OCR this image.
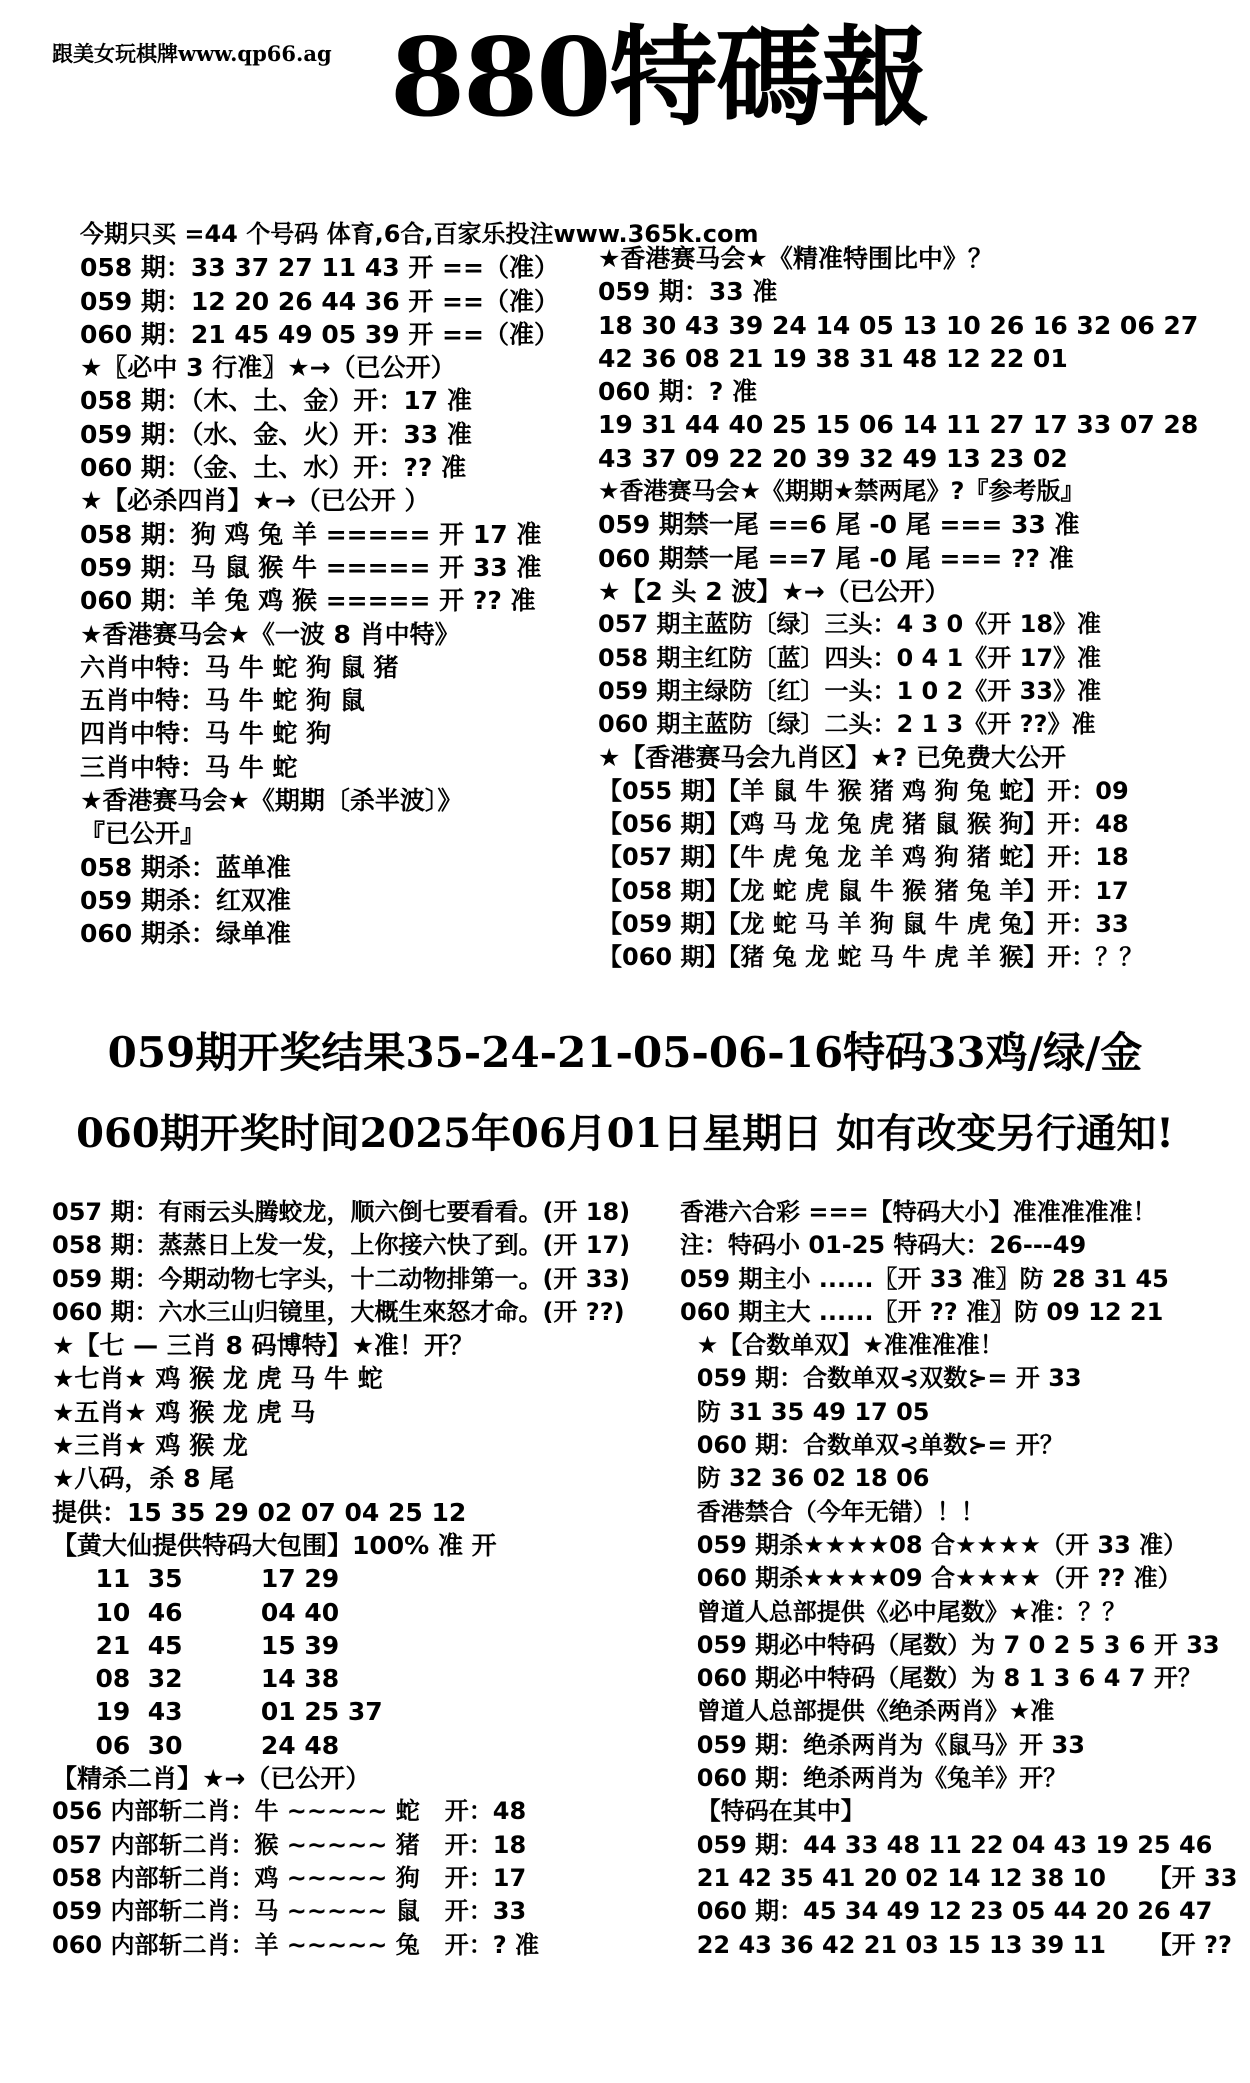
跟美女玩棋牌www.qp66.ag 880特碼報
今期只买 =44 个号码 体育,6合,百家乐投注www.365k.com
058 期：33 37 27 11 43 开 ==（准）
059 期：12 20 26 44 36 开 ==（准）
060 期：21 45 49 05 39 开 ==（准）
★〖必中 3 行准〗★→（已公开）
058 期：（木、土、金）开：17 准
059 期：（水、金、火）开：33 准
060 期：（金、土、水）开：?? 准
★【必杀四肖】★→（已公开 ）
058 期：狗 鸡 兔 羊 ===== 开 17 准
059 期：马 鼠 猴 牛 ===== 开 33 准
060 期：羊 兔 鸡 猴 ===== 开 ?? 准
★香港赛马会★《一波 8 肖中特》
六肖中特：马 牛 蛇 狗 鼠 猪
五肖中特：马 牛 蛇 狗 鼠
四肖中特：马 牛 蛇 狗
三肖中特：马 牛 蛇
★香港赛马会★《期期〔杀半波〕》
『已公开』
058 期杀：蓝单准
059 期杀：红双准
060 期杀：绿单准
★香港赛马会★《精准特围比中》？
059 期：33 准
18 30 43 39 24 14 05 13 10 26 16 32 06 27
42 36 08 21 19 38 31 48 12 22 01
060 期：? 准
19 31 44 40 25 15 06 14 11 27 17 33 07 28
43 37 09 22 20 39 32 49 13 23 02
★香港赛马会★《期期★禁两尾》?『参考版』
059 期禁一尾 ==6 尾 -0 尾 === 33 准
060 期禁一尾 ==7 尾 -0 尾 === ?? 准
★【2 头 2 波】★→（已公开）
057 期主蓝防〔绿〕三头：4 3 0《开 18》准
058 期主红防〔蓝〕四头：0 4 1《开 17》准
059 期主绿防〔红〕一头：1 0 2《开 33》准
060 期主蓝防〔绿〕二头：2 1 3《开 ??》准
★【香港赛马会九肖区】★? 已免费大公开
【055 期】【羊 鼠 牛 猴 猪 鸡 狗 兔 蛇】开：09
【056 期】【鸡 马 龙 兔 虎 猪 鼠 猴 狗】开：48
【057 期】【牛 虎 兔 龙 羊 鸡 狗 猪 蛇】开：18
【058 期】【龙 蛇 虎 鼠 牛 猴 猪 兔 羊】开：17
【059 期】【龙 蛇 马 羊 狗 鼠 牛 虎 兔】开：33
【060 期】【猪 兔 龙 蛇 马 牛 虎 羊 猴】开：？？
059期开奖结果35-24-21-05-06-16特码33鸡/绿/金
060期开奖时间2025年06月01日星期日 如有改变另行通知!
057 期：有雨云头腾蛟龙，顺六倒七要看看。(开 18)
058 期：蒸蒸日上发一发，上你接六快了到。(开 17)
059 期：今期动物七字头，十二动物排第一。(开 33)
060 期：六水三山归镜里，大概生來怒才命。(开 ??)
★【七 — 三肖 8 码博特】★准！开？
★七肖★ 鸡 猴 龙 虎 马 牛 蛇
★五肖★ 鸡 猴 龙 虎 马
★三肖★ 鸡 猴 龙
★八码，杀 8 尾
提供：15 35 29 02 07 04 25 12
【黄大仙提供特码大包围】100% 准 开
11  35         17 29
10  46         04 40
21  45         15 39
08  32         14 38
19  43         01 25 37
06  30         24 48
【精杀二肖】★→（已公开）
056 内部斩二肖：牛 ~~~~~ 蛇   开：48
057 内部斩二肖：猴 ~~~~~ 猪   开：18
058 内部斩二肖：鸡 ~~~~~ 狗   开：17
059 内部斩二肖：马 ~~~~~ 鼠   开：33
060 内部斩二肖：羊 ~~~~~ 兔   开：? 准
香港六合彩 ===【特码大小】准准准准准！
注：特码小 01-25 特码大：26---49
059 期主小 ......〖开 33 准〗防 28 31 45
060 期主大 ......〖开 ?? 准〗防 09 12 21
★【合数单双】★准准准准！
059 期：合数单双⊰双数⊱= 开 33
防 31 35 49 17 05
060 期：合数单双⊰单数⊱= 开？
防 32 36 02 18 06
香港禁合（今年无错）！！
059 期杀★★★★08 合★★★★（开 33 准）
060 期杀★★★★09 合★★★★（开 ?? 准）
曾道人总部提供《必中尾数》★准：？？
059 期必中特码（尾数）为 7 0 2 5 3 6 开 33
060 期必中特码（尾数）为 8 1 3 6 4 7 开？
曾道人总部提供《绝杀两肖》★准
059 期：绝杀两肖为《鼠马》开 33
060 期：绝杀两肖为《兔羊》开？
【特码在其中】
059 期：44 33 48 11 22 04 43 19 25 46
21 42 35 41 20 02 14 12 38 10     【开 33
060 期：45 34 49 12 23 05 44 20 26 47
22 43 36 42 21 03 15 13 39 11     【开 ??
